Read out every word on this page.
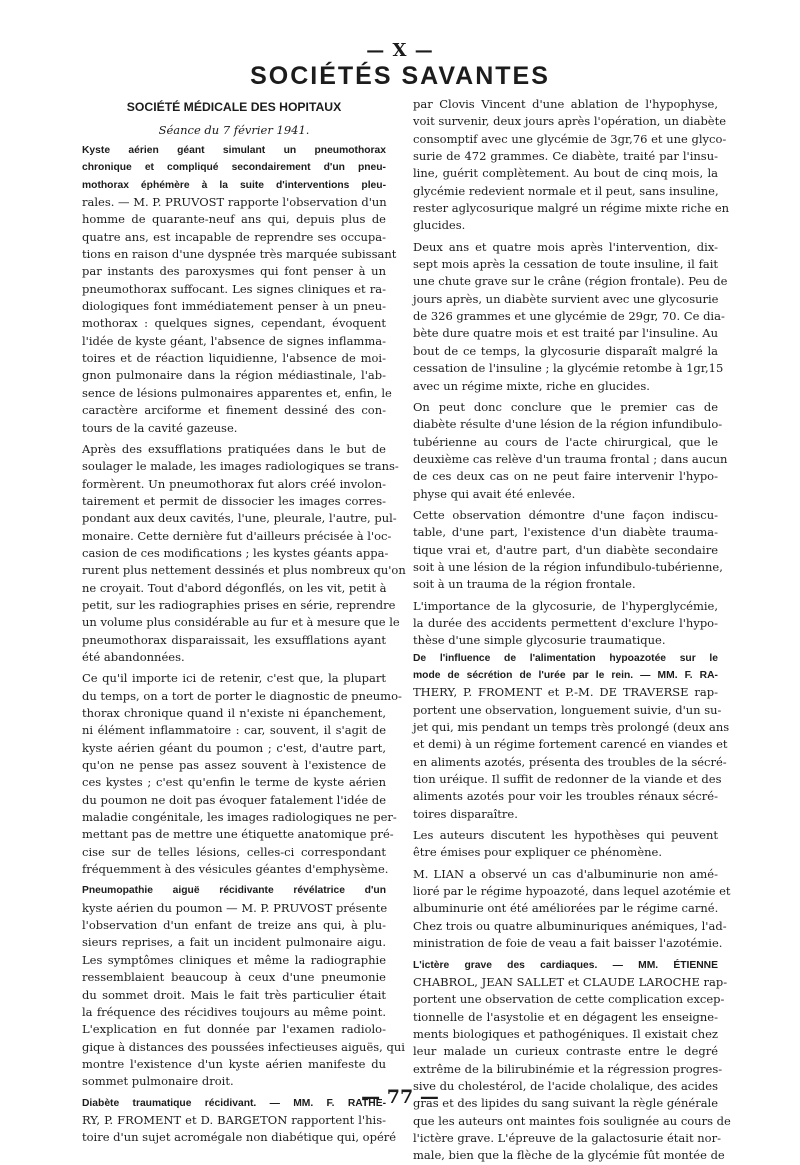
— X —
SOCIÉTÉS SAVANTES
SOCIÉTÉ MÉDICALE DES HOPITAUX
Séance du 7 février 1941.
Kyste aérien géant simulant un pneumothorax
chronique et compliqué secondairement d'un pneu-
mothorax éphémère à la suite d'interventions pleu-
rales. — M. P. PRUVOST rapporte l'observation d'un
homme de quarante-neuf ans qui, depuis plus de
quatre ans, est incapable de reprendre ses occupa-
tions en raison d'une dyspnée très marquée subissant
par instants des paroxysmes qui font penser à un
pneumothorax suffocant. Les signes cliniques et ra-
diologiques font immédiatement penser à un pneu-
mothorax : quelques signes, cependant, évoquent
l'idée de kyste géant, l'absence de signes inflamma-
toires et de réaction liquidienne, l'absence de moi-
gnon pulmonaire dans la région médiastinale, l'ab-
sence de lésions pulmonaires apparentes et, enfin, le
caractère arciforme et finement dessiné des con-
tours de la cavité gazeuse.
Après des exsufflations pratiquées dans le but de
soulager le malade, les images radiologiques se trans-
formèrent. Un pneumothorax fut alors créé involon-
tairement et permit de dissocier les images corres-
pondant aux deux cavités, l'une, pleurale, l'autre, pul-
monaire. Cette dernière fut d'ailleurs précisée à l'oc-
casion de ces modifications ; les kystes géants appa-
rurent plus nettement dessinés et plus nombreux qu'on
ne croyait. Tout d'abord dégonflés, on les vit, petit à
petit, sur les radiographies prises en série, reprendre
un volume plus considérable au fur et à mesure que le
pneumothorax disparaissait, les exsufflations ayant
été abandonnées.
Ce qu'il importe ici de retenir, c'est que, la plupart
du temps, on a tort de porter le diagnostic de pneumo-
thorax chronique quand il n'existe ni épanchement,
ni élément inflammatoire : car, souvent, il s'agit de
kyste aérien géant du poumon ; c'est, d'autre part,
qu'on ne pense pas assez souvent à l'existence de
ces kystes ; c'est qu'enfin le terme de kyste aérien
du poumon ne doit pas évoquer fatalement l'idée de
maladie congénitale, les images radiologiques ne per-
mettant pas de mettre une étiquette anatomique pré-
cise sur de telles lésions, celles-ci correspondant
fréquemment à des vésicules géantes d'emphysème.
Pneumopathie aiguë récidivante révélatrice d'un
kyste aérien du poumon — M. P. PRUVOST présente
l'observation d'un enfant de treize ans qui, à plu-
sieurs reprises, a fait un incident pulmonaire aigu.
Les symptômes cliniques et même la radiographie
ressemblaient beaucoup à ceux d'une pneumonie
du sommet droit. Mais le fait très particulier était
la fréquence des récidives toujours au même point.
L'explication en fut donnée par l'examen radiolo-
gique à distances des poussées infectieuses aiguës, qui
montre l'existence d'un kyste aérien manifeste du
sommet pulmonaire droit.
Diabète traumatique récidivant. — MM. F. RATHE-
RY, P. FROMENT et D. BARGETON rapportent l'his-
toire d'un sujet acromégale non diabétique qui, opéré
par Clovis Vincent d'une ablation de l'hypophyse,
voit survenir, deux jours après l'opération, un diabète
consomptif avec une glycémie de 3gr,76 et une glyco-
surie de 472 grammes. Ce diabète, traité par l'insu-
line, guérit complètement. Au bout de cinq mois, la
glycémie redevient normale et il peut, sans insuline,
rester aglycosurique malgré un régime mixte riche en
glucides.
Deux ans et quatre mois après l'intervention, dix-
sept mois après la cessation de toute insuline, il fait
une chute grave sur le crâne (région frontale). Peu de
jours après, un diabète survient avec une glycosurie
de 326 grammes et une glycémie de 29gr, 70. Ce dia-
bète dure quatre mois et est traité par l'insuline. Au
bout de ce temps, la glycosurie disparaît malgré la
cessation de l'insuline ; la glycémie retombe à 1gr,15
avec un régime mixte, riche en glucides.
On peut donc conclure que le premier cas de
diabète résulte d'une lésion de la région infundibulo-
tubérienne au cours de l'acte chirurgical, que le
deuxième cas relève d'un trauma frontal ; dans aucun
de ces deux cas on ne peut faire intervenir l'hypo-
physe qui avait été enlevée.
Cette observation démontre d'une façon indiscu-
table, d'une part, l'existence d'un diabète trauma-
tique vrai et, d'autre part, d'un diabète secondaire
soit à une lésion de la région infundibulo-tubérienne,
soit à un trauma de la région frontale.
L'importance de la glycosurie, de l'hyperglycémie,
la durée des accidents permettent d'exclure l'hypo-
thèse d'une simple glycosurie traumatique.
De l'influence de l'alimentation hypoazotée sur le
mode de sécrétion de l'urée par le rein. — MM. F. RA-
THERY, P. FROMENT et P.-M. DE TRAVERSE rap-
portent une observation, longuement suivie, d'un su-
jet qui, mis pendant un temps très prolongé (deux ans
et demi) à un régime fortement carencé en viandes et
en aliments azotés, présenta des troubles de la sécré-
tion uréique. Il suffit de redonner de la viande et des
aliments azotés pour voir les troubles rénaux sécré-
toires disparaître.
Les auteurs discutent les hypothèses qui peuvent
être émises pour expliquer ce phénomène.
M. LIAN a observé un cas d'albuminurie non amé-
lioré par le régime hypoazoté, dans lequel azotémie et
albuminurie ont été améliorées par le régime carné.
Chez trois ou quatre albuminuriques anémiques, l'ad-
ministration de foie de veau a fait baisser l'azotémie.
L'ictère grave des cardiaques. — MM. ÉTIENNE
CHABROL, JEAN SALLET et CLAUDE LAROCHE rap-
portent une observation de cette complication excep-
tionnelle de l'asystolie et en dégagent les enseigne-
ments biologiques et pathogéniques. Il existait chez
leur malade un curieux contraste entre le degré
extrême de la bilirubinémie et la régression progres-
sive du cholestérol, de l'acide cholalique, des acides
gras et des lipides du sang suivant la règle générale
que les auteurs ont maintes fois soulignée au cours de
l'ictère grave. L'épreuve de la galactosurie était nor-
male, bien que la flèche de la glycémie fût montée de
— 77 —
